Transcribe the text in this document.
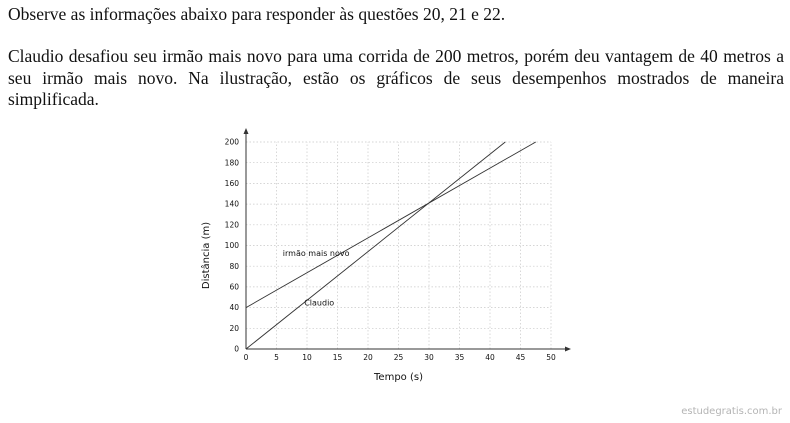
Observe as informações abaixo para responder às questões 20, 21 e 22.
Claudio desafiou seu irmão mais novo para uma corrida de 200 metros, porém deu vantagem de 40 metros a seu irmão mais novo. Na ilustração, estão os gráficos de seus desempenhos mostrados de maneira simplificada.
0	5	10	15	20	25	30	35	40	45	50
0
20
40
60
80
100
120
140
160
180
200
irmão mais novo
Claudio
Tempo (s)
Distância (m)
estudegratis.com.br
